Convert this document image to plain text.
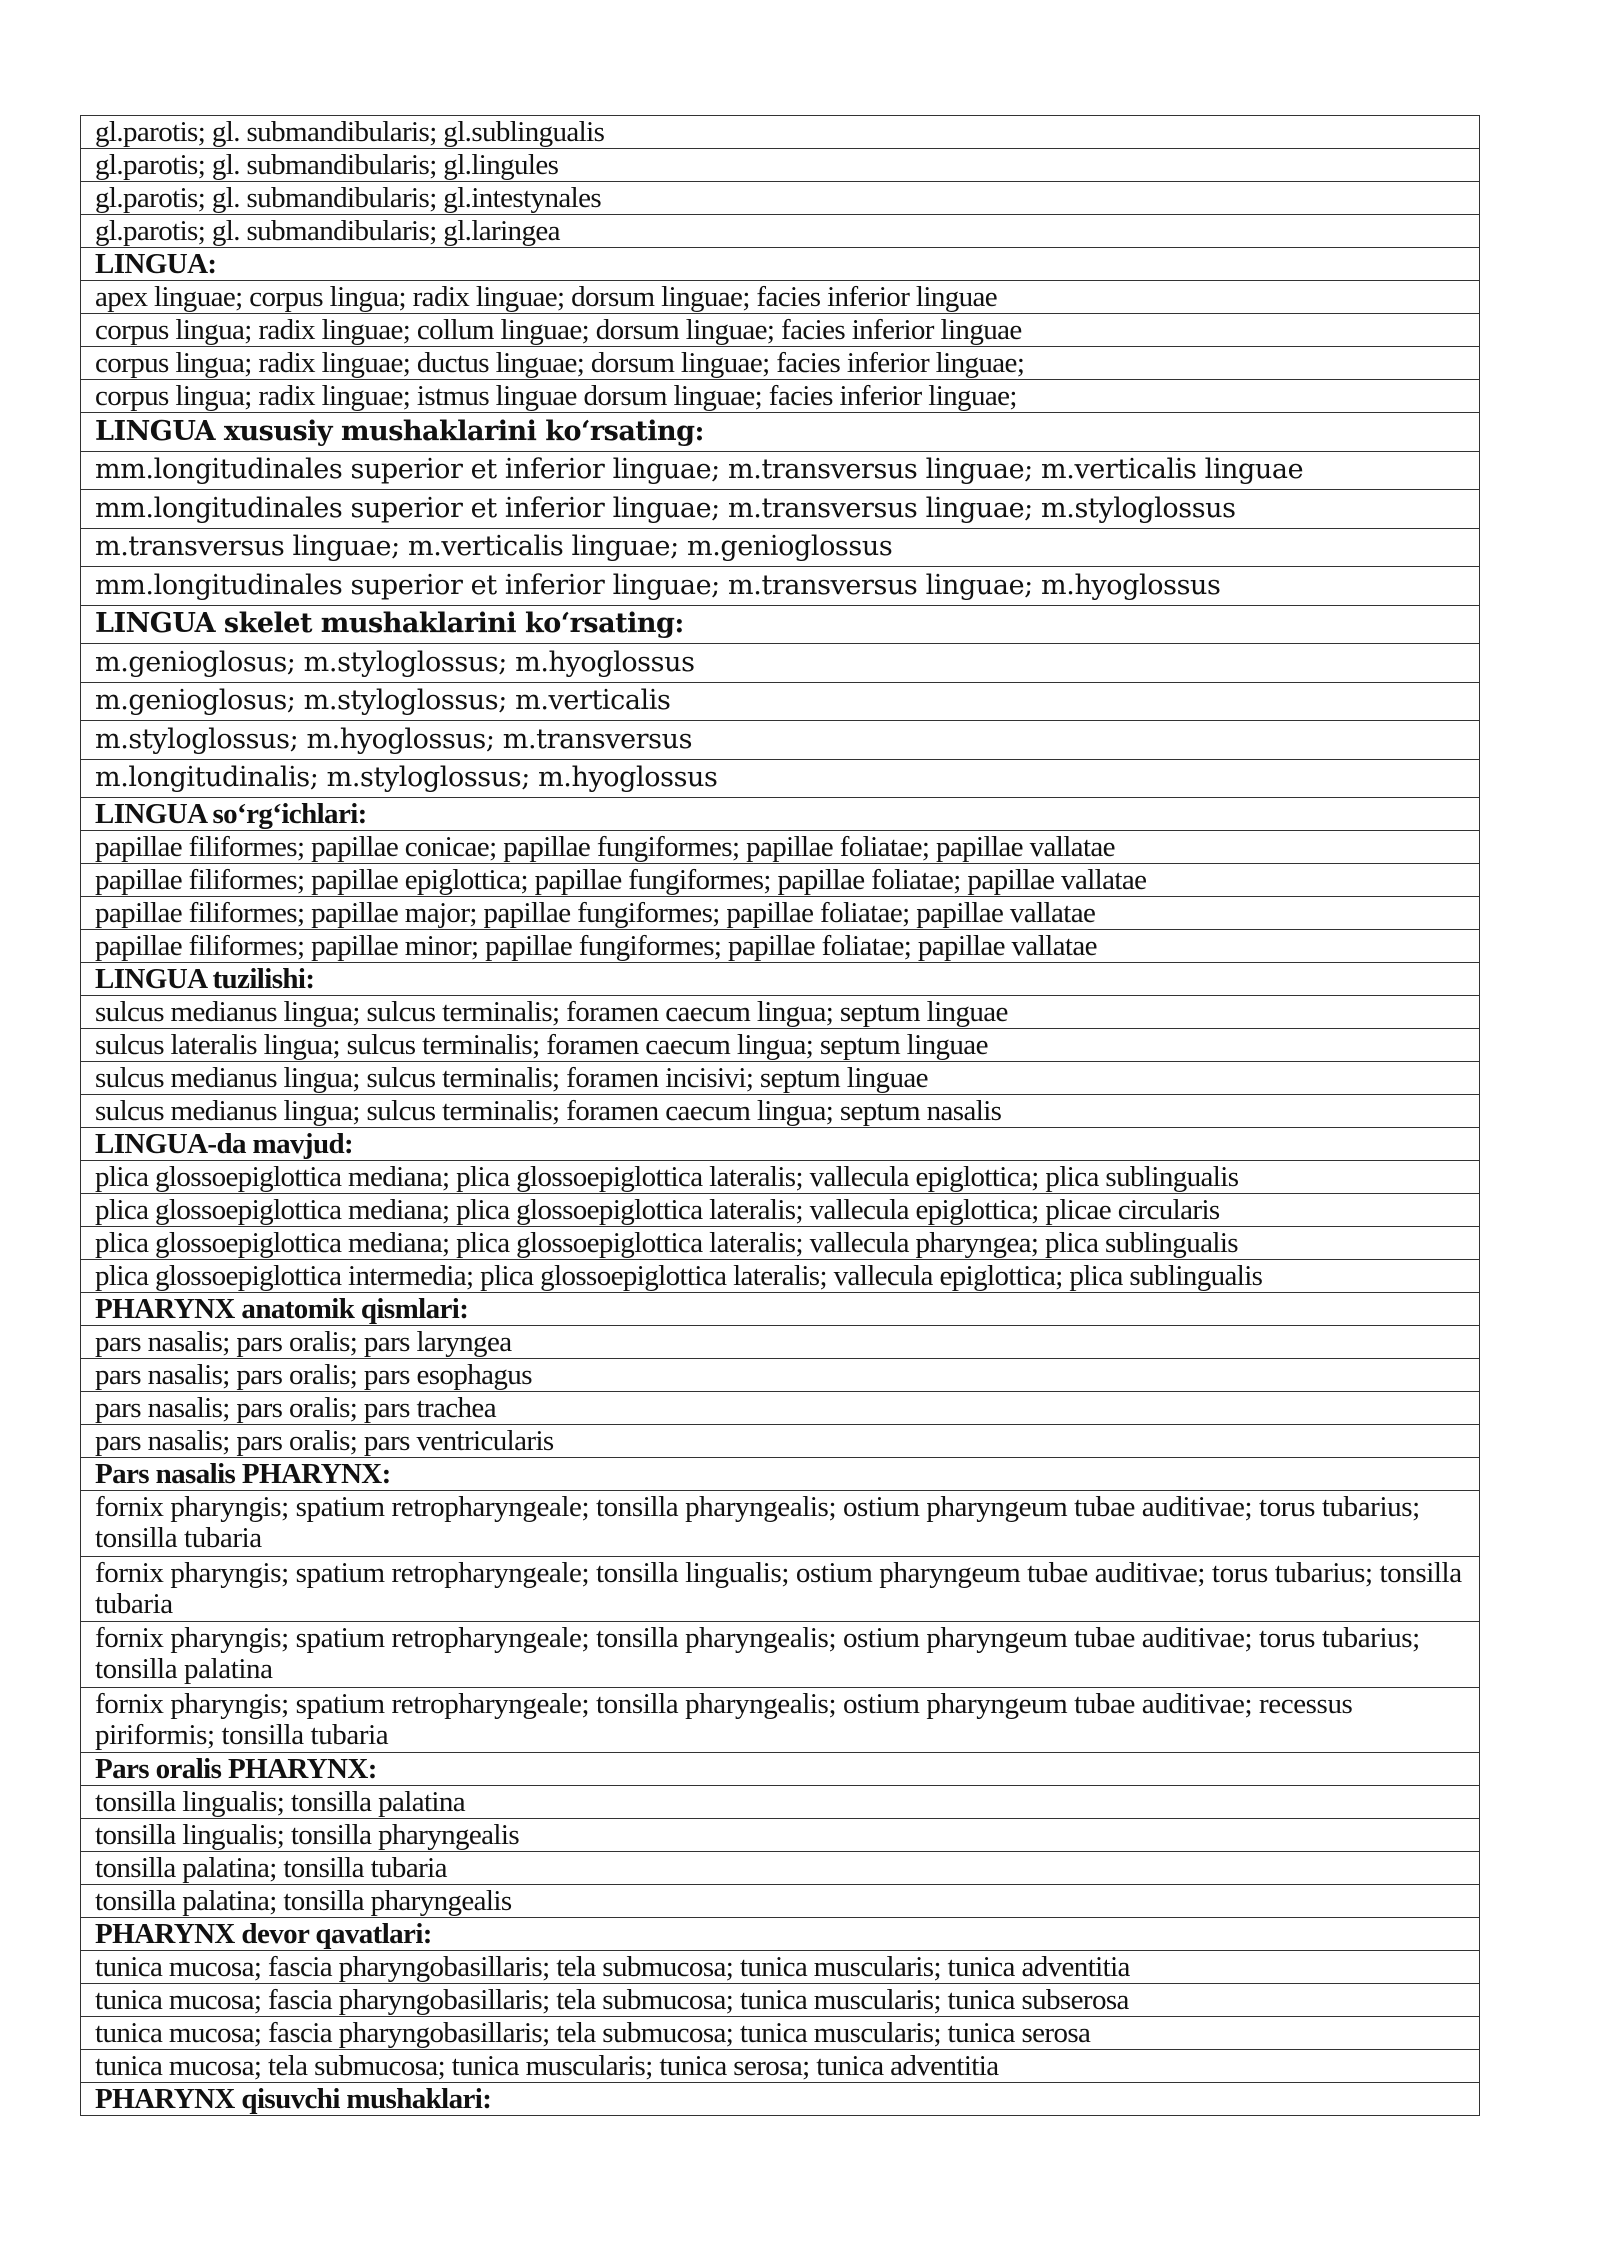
gl.parotis; gl. submandibularis; gl.sublingualis
gl.parotis; gl. submandibularis; gl.lingules
gl.parotis; gl. submandibularis; gl.intestynales
gl.parotis; gl. submandibularis; gl.laringea
LINGUA:
apex linguae; corpus lingua; radix linguae; dorsum linguae; facies inferior linguae
corpus lingua; radix linguae; collum linguae; dorsum linguae; facies inferior linguae
corpus lingua; radix linguae; ductus linguae; dorsum linguae; facies inferior linguae;
corpus lingua; radix linguae; istmus linguae dorsum linguae; facies inferior linguae;
LINGUA xususiy mushaklarini ko‘rsating:
mm.longitudinales superior et inferior linguae; m.transversus linguae; m.verticalis linguae
mm.longitudinales superior et inferior linguae; m.transversus linguae; m.styloglossus
m.transversus linguae; m.verticalis linguae; m.genioglossus
mm.longitudinales superior et inferior linguae; m.transversus linguae; m.hyoglossus
LINGUA skelet mushaklarini ko‘rsating:
m.genioglosus; m.styloglossus; m.hyoglossus
m.genioglosus; m.styloglossus; m.verticalis
m.styloglossus; m.hyoglossus; m.transversus
m.longitudinalis; m.styloglossus; m.hyoglossus
LINGUA so‘rg‘ichlari:
papillae filiformes; papillae conicae; papillae fungiformes; papillae foliatae; papillae vallatae
papillae filiformes; papillae epiglottica; papillae fungiformes; papillae foliatae; papillae vallatae
papillae filiformes; papillae major; papillae fungiformes; papillae foliatae; papillae vallatae
papillae filiformes; papillae minor; papillae fungiformes; papillae foliatae; papillae vallatae
LINGUA tuzilishi:
sulcus medianus lingua; sulcus terminalis; foramen caecum lingua; septum linguae
sulcus lateralis lingua; sulcus terminalis; foramen caecum lingua; septum linguae
sulcus medianus lingua; sulcus terminalis; foramen incisivi; septum linguae
sulcus medianus lingua; sulcus terminalis; foramen caecum lingua; septum nasalis
LINGUA-da mavjud:
plica glossoepiglottica mediana; plica glossoepiglottica lateralis; vallecula epiglottica; plica sublingualis
plica glossoepiglottica mediana; plica glossoepiglottica lateralis; vallecula epiglottica; plicae circularis
plica glossoepiglottica mediana; plica glossoepiglottica lateralis; vallecula pharyngea; plica sublingualis
plica glossoepiglottica intermedia; plica glossoepiglottica lateralis; vallecula epiglottica; plica sublingualis
PHARYNX anatomik qismlari:
pars nasalis; pars oralis; pars laryngea
pars nasalis; pars oralis; pars esophagus
pars nasalis; pars oralis; pars trachea
pars nasalis; pars oralis; pars ventricularis
Pars nasalis PHARYNX:
fornix pharyngis; spatium retropharyngeale; tonsilla pharyngealis; ostium pharyngeum tubae auditivae; torus tubarius; tonsilla tubaria
fornix pharyngis; spatium retropharyngeale; tonsilla lingualis; ostium pharyngeum tubae auditivae; torus tubarius; tonsilla tubaria
fornix pharyngis; spatium retropharyngeale; tonsilla pharyngealis; ostium pharyngeum tubae auditivae; torus tubarius; tonsilla palatina
fornix pharyngis; spatium retropharyngeale; tonsilla pharyngealis; ostium pharyngeum tubae auditivae; recessus piriformis; tonsilla tubaria
Pars oralis PHARYNX:
tonsilla lingualis; tonsilla palatina
tonsilla lingualis; tonsilla pharyngealis
tonsilla palatina; tonsilla tubaria
tonsilla palatina; tonsilla pharyngealis
PHARYNX devor qavatlari:
tunica mucosa; fascia pharyngobasillaris; tela submucosa; tunica muscularis; tunica adventitia
tunica mucosa; fascia pharyngobasillaris; tela submucosa; tunica muscularis; tunica subserosa
tunica mucosa; fascia pharyngobasillaris; tela submucosa; tunica muscularis; tunica serosa
tunica mucosa; tela submucosa; tunica muscularis; tunica serosa; tunica adventitia
PHARYNX qisuvchi mushaklari:
